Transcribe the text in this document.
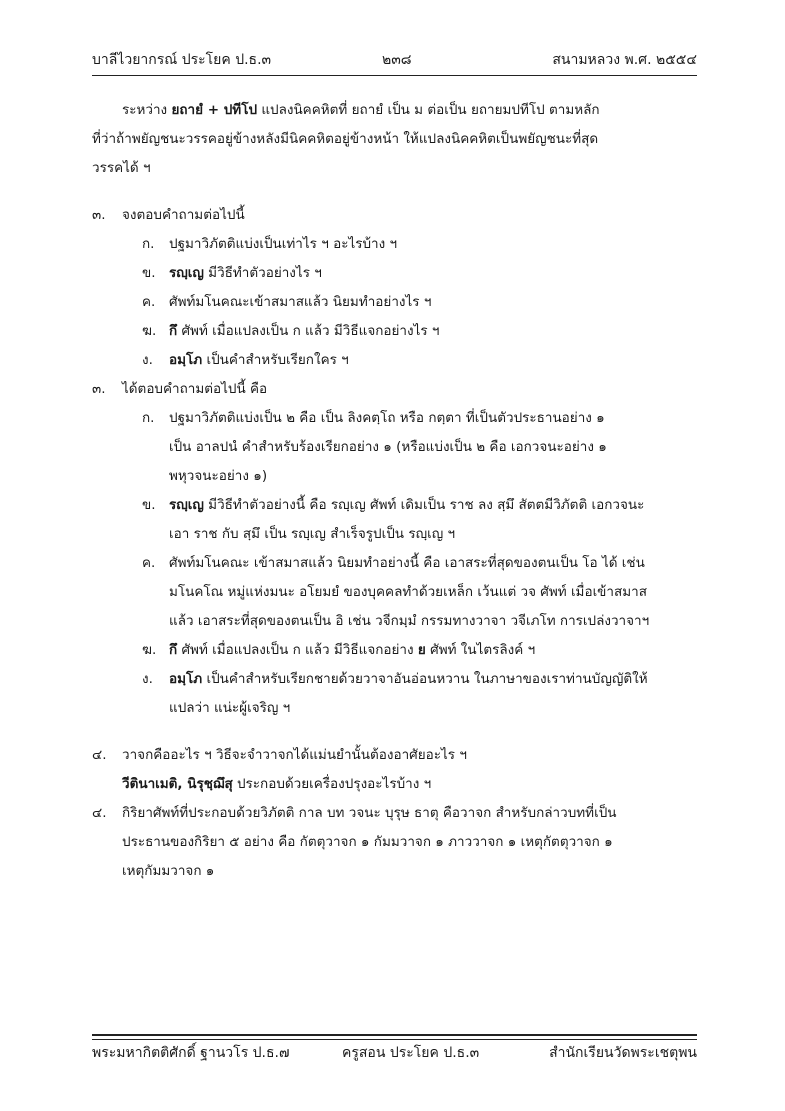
บาลีไวยากรณ์ ประโยค ป.ธ.๓	๒๓๘	สนามหลวง พ.ศ. ๒๕๕๔
ระหว่าง ยถายํ + ปทีโป แปลงนิคคหิตที่ ยถายํ เป็น ม ต่อเป็น ยถายมปทีโป ตามหลัก
ที่ว่าถ้าพยัญชนะวรรคอยู่ข้างหลังมีนิคคหิตอยู่ข้างหน้า ให้แปลงนิคคหิตเป็นพยัญชนะที่สุด
วรรคได้ ฯ
๓. จงตอบคำถามต่อไปนี้
ก. ปฐมาวิภัตติแบ่งเป็นเท่าไร ฯ อะไรบ้าง ฯ
ข. รญฺเญ มีวิธีทำตัวอย่างไร ฯ
ค. ศัพท์มโนคณะเข้าสมาสแล้ว นิยมทำอย่างไร ฯ
ฆ. กึ ศัพท์ เมื่อแปลงเป็น ก แล้ว มีวิธีแจกอย่างไร ฯ
ง. อมฺโภ เป็นคำสำหรับเรียกใคร ฯ
๓. ได้ตอบคำถามต่อไปนี้ คือ
ก. ปฐมาวิภัตติแบ่งเป็น ๒ คือ เป็น ลิงคตฺโถ หรือ กตฺตา ที่เป็นตัวประธานอย่าง ๑
เป็น อาลปนํ คำสำหรับร้องเรียกอย่าง ๑ (หรือแบ่งเป็น ๒ คือ เอกวจนะอย่าง ๑
พหุวจนะอย่าง ๑)
ข. รญฺเญ มีวิธีทำตัวอย่างนี้ คือ รญฺเญ ศัพท์ เดิมเป็น ราช ลง สฺมึ สัตตมีวิภัตติ เอกวจนะ
เอา ราช กับ สฺมึ เป็น รญฺเญ สำเร็จรูปเป็น รญฺเญ ฯ
ค. ศัพท์มโนคณะ เข้าสมาสแล้ว นิยมทำอย่างนี้ คือ เอาสระที่สุดของตนเป็น โอ ได้ เช่น
มโนคโณ หมู่แห่งมนะ อโยมยํ ของบุคคลทำด้วยเหล็ก เว้นแต่ วจ ศัพท์ เมื่อเข้าสมาส
แล้ว เอาสระที่สุดของตนเป็น อิ เช่น วจีกมฺมํ กรรมทางวาจา วจีเภโท การเปล่งวาจาฯ
ฆ. กึ ศัพท์ เมื่อแปลงเป็น ก แล้ว มีวิธีแจกอย่าง ย ศัพท์ ในไตรลิงค์ ฯ
ง. อมฺโภ เป็นคำสำหรับเรียกชายด้วยวาจาอันอ่อนหวาน ในภาษาของเราท่านบัญญัติให้
แปลว่า แน่ะผู้เจริญ ฯ
๔. วาจกคืออะไร ฯ วิธีจะจำวาจกได้แม่นยำนั้นต้องอาศัยอะไร ฯ
วีตินาเมติ, นิรุชฺฌึสุ ประกอบด้วยเครื่องปรุงอะไรบ้าง ฯ
๔. กิริยาศัพท์ที่ประกอบด้วยวิภัตติ กาล บท วจนะ บุรุษ ธาตุ คือวาจก สำหรับกล่าวบทที่เป็น
ประธานของกิริยา ๕ อย่าง คือ กัตตุวาจก ๑ กัมมวาจก ๑ ภาววาจก ๑ เหตุกัตตุวาจก ๑
เหตุกัมมวาจก ๑
พระมหากิตติศักดิ์ ฐานวโร ป.ธ.๗	ครูสอน ประโยค ป.ธ.๓	สำนักเรียนวัดพระเชตุพน
